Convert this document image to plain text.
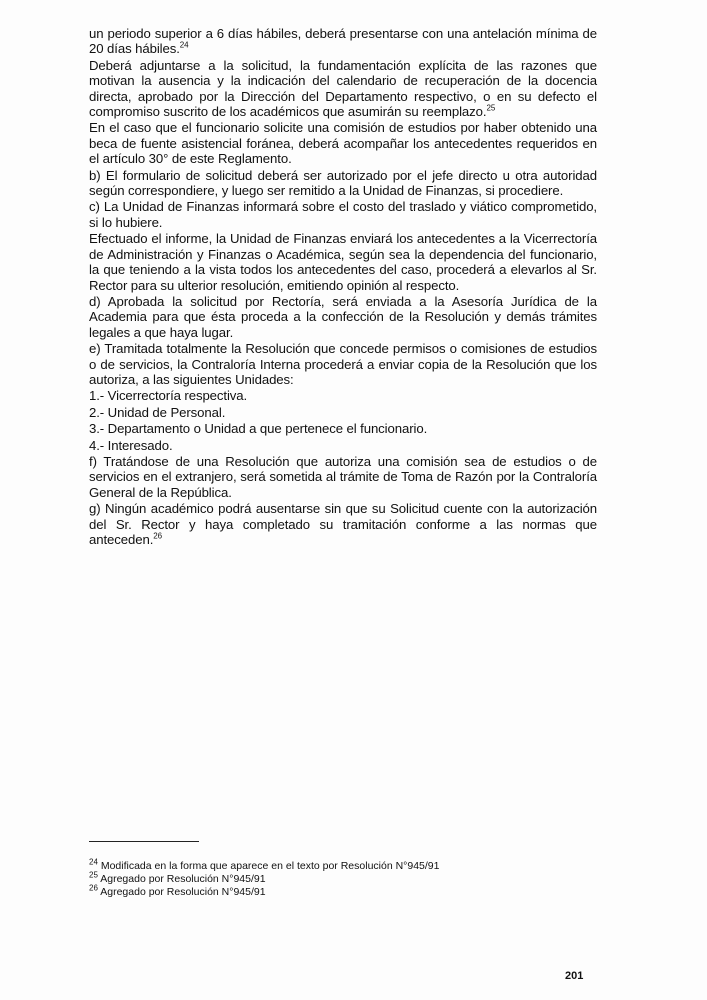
un periodo superior a 6 días hábiles, deberá presentarse con una antelación mínima de 20 días hábiles.$^{24}$

Deberá adjuntarse a la solicitud, la fundamentación explícita de las razones que motivan la ausencia y la indicación del calendario de recuperación de la docencia directa, aprobado por la Dirección del Departamento respectivo, o en su defecto el compromiso suscrito de los académicos que asumirán su reemplazo.$^{25}$

En el caso que el funcionario solicite una comisión de estudios por haber obtenido una beca de fuente asistencial foránea, deberá acompañar los antecedentes requeridos en el artículo 30° de este Reglamento.

b) El formulario de solicitud deberá ser autorizado por el jefe directo u otra autoridad según correspondiere, y luego ser remitido a la Unidad de Finanzas, si procediere.

c) La Unidad de Finanzas informará sobre el costo del traslado y viático comprometido, si lo hubiere.

Efectuado el informe, la Unidad de Finanzas enviará los antecedentes a la Vicerrectoría de Administración y Finanzas o Académica, según sea la dependencia del funcionario, la que teniendo a la vista todos los antecedentes del caso, procederá a elevarlos al Sr. Rector para su ulterior resolución, emitiendo opinión al respecto.

d) Aprobada la solicitud por Rectoría, será enviada a la Asesoría Jurídica de la Academia para que ésta proceda a la confección de la Resolución y demás trámites legales a que haya lugar.

e) Tramitada totalmente la Resolución que concede permisos o comisiones de estudios o de servicios, la Contraloría Interna procederá a enviar copia de la Resolución que los autoriza, a las siguientes Unidades:

1.- Vicerrectoría respectiva.

2.- Unidad de Personal.

3.- Departamento o Unidad a que pertenece el funcionario.

4.- Interesado.

f) Tratándose de una Resolución que autoriza una comisión sea de estudios o de servicios en el extranjero, será sometida al trámite de Toma de Razón por la Contraloría General de la República.

g) Ningún académico podrá ausentarse sin que su Solicitud cuente con la autorización del Sr. Rector y haya completado su tramitación conforme a las normas que anteceden.$^{26}$

$^{24}$ Modificada en la forma que aparece en el texto por Resolución N°945/91

$^{25}$ Agregado por Resolución N°945/91

$^{26}$ Agregado por Resolución N°945/91

201
